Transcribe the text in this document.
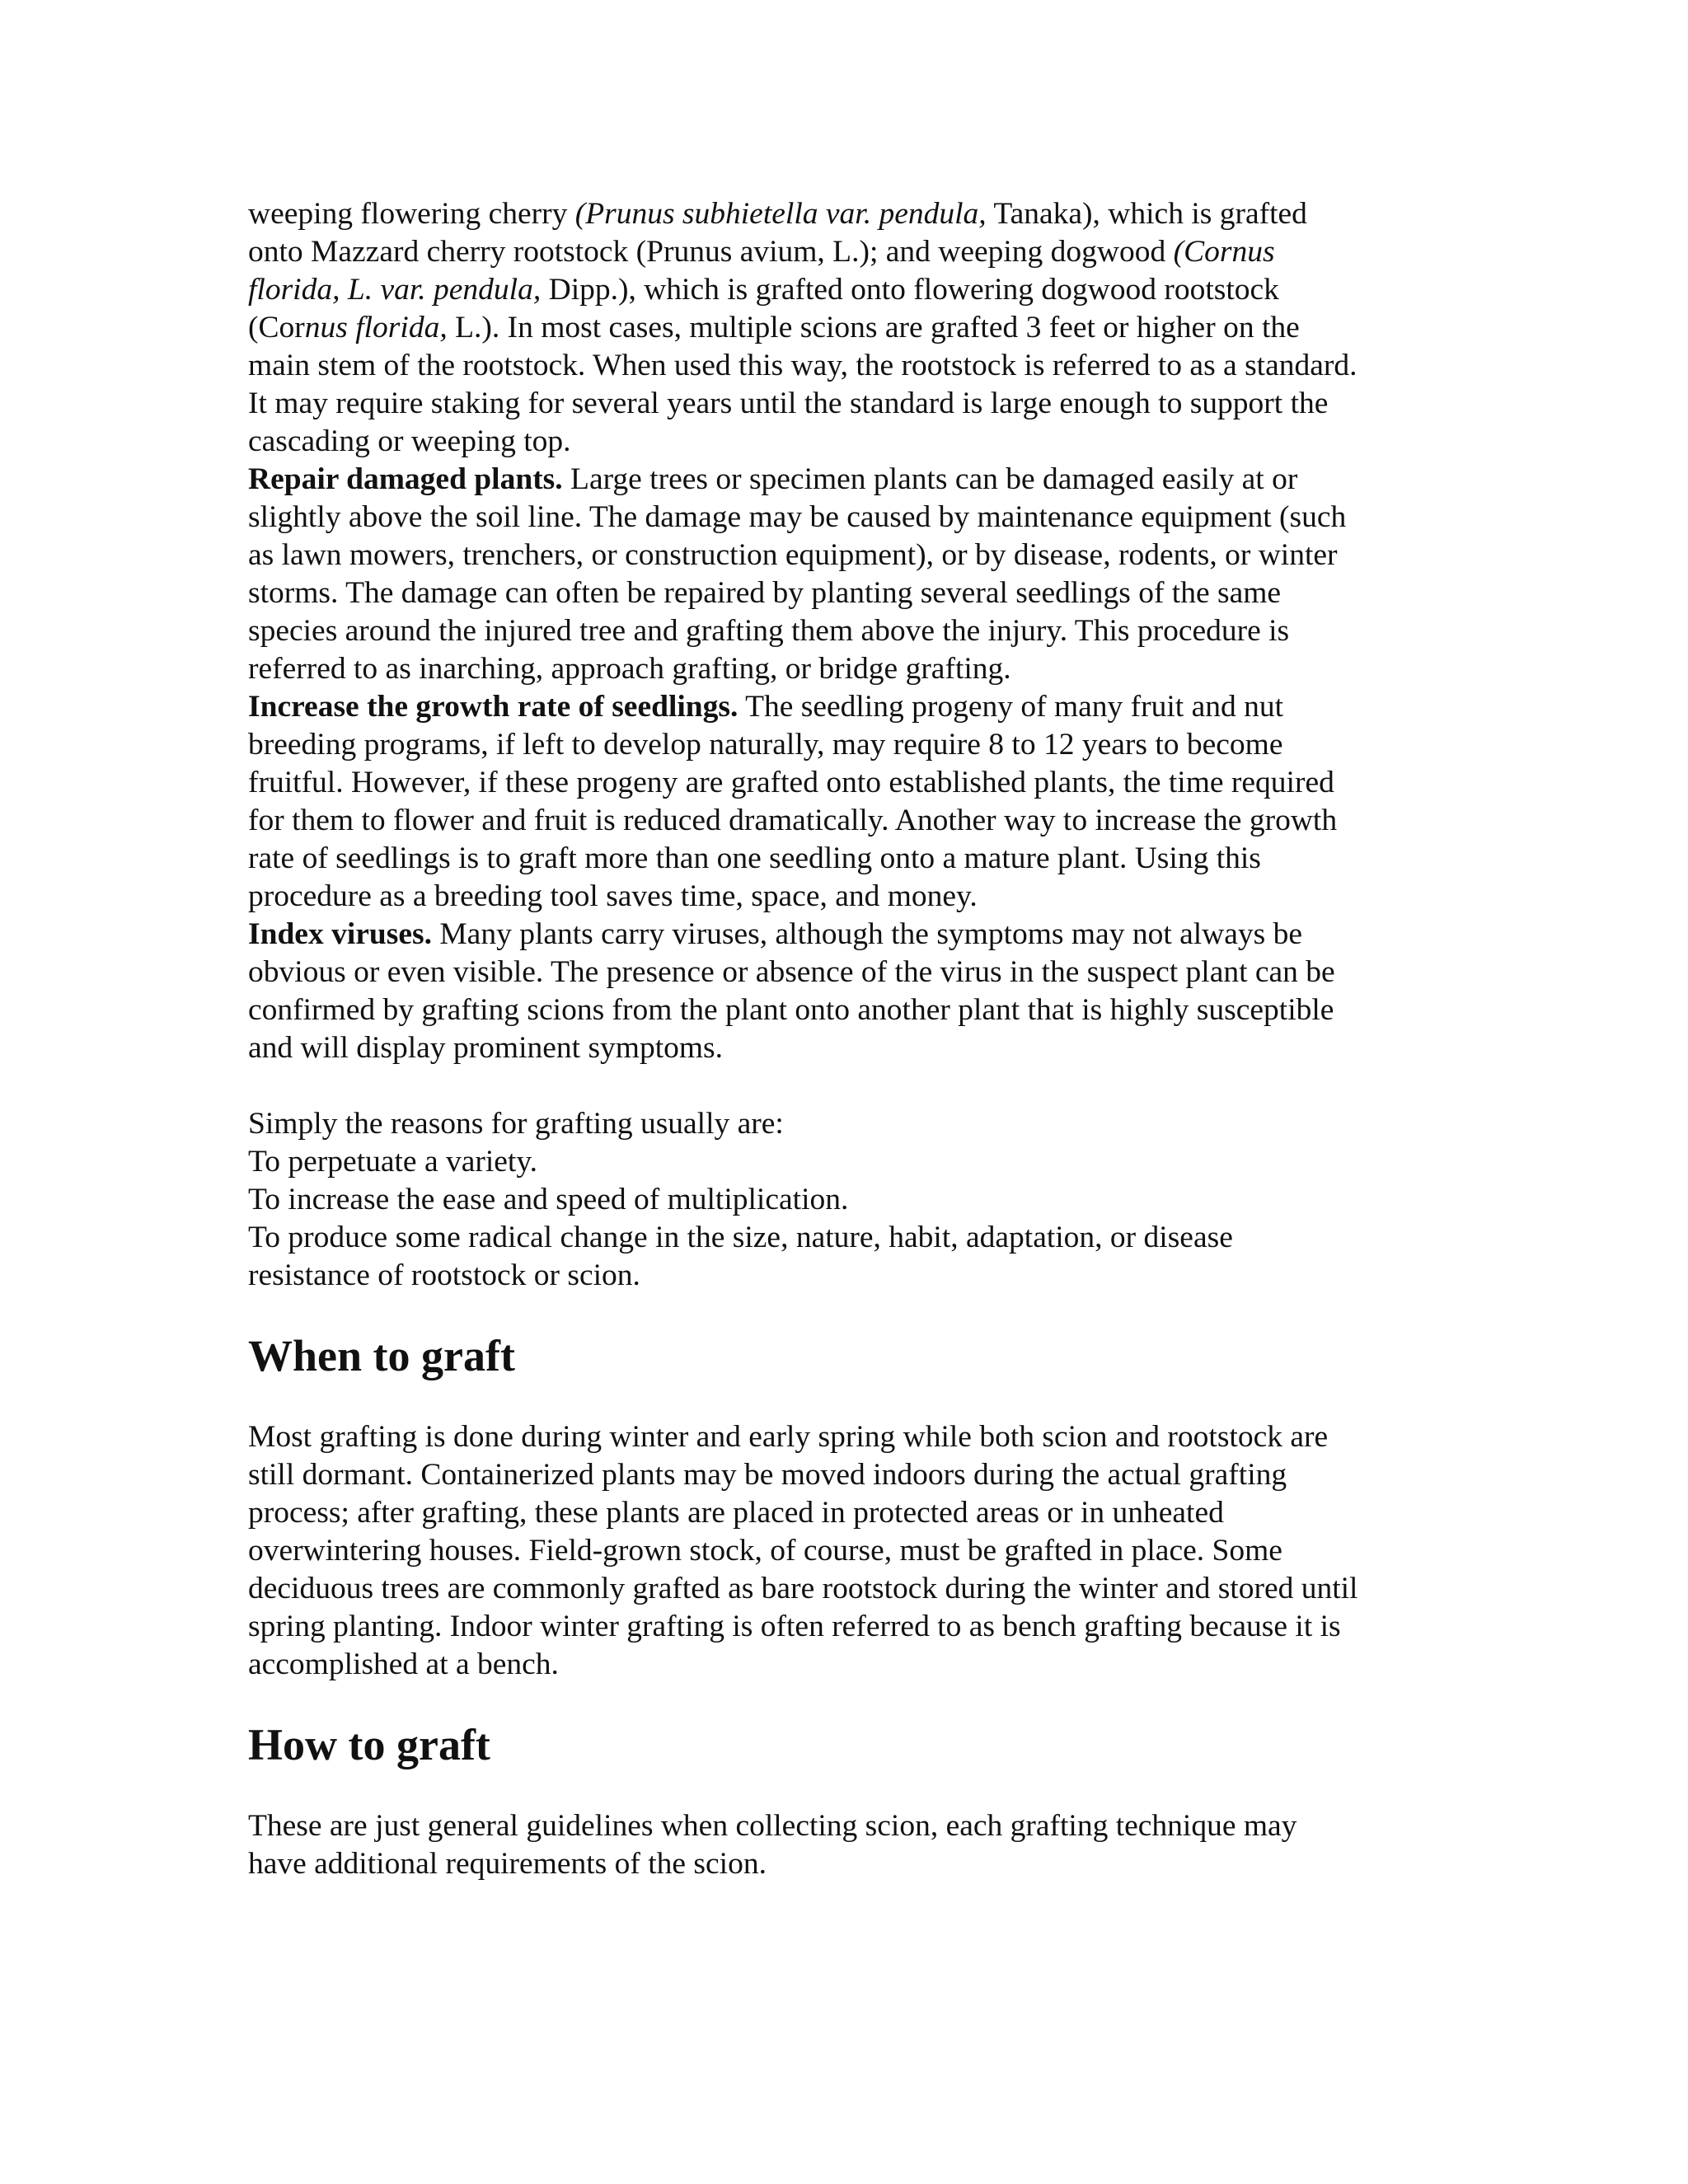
weeping flowering cherry (Prunus subhietella var. pendula, Tanaka), which is grafted
onto Mazzard cherry rootstock (Prunus avium, L.); and weeping dogwood (Cornus
florida, L. var. pendula, Dipp.), which is grafted onto flowering dogwood rootstock
(Cornus florida, L.). In most cases, multiple scions are grafted 3 feet or higher on the
main stem of the rootstock. When used this way, the rootstock is referred to as a standard.
It may require staking for several years until the standard is large enough to support the
cascading or weeping top.
Repair damaged plants. Large trees or specimen plants can be damaged easily at or
slightly above the soil line. The damage may be caused by maintenance equipment (such
as lawn mowers, trenchers, or construction equipment), or by disease, rodents, or winter
storms. The damage can often be repaired by planting several seedlings of the same
species around the injured tree and grafting them above the injury. This procedure is
referred to as inarching, approach grafting, or bridge grafting.
Increase the growth rate of seedlings. The seedling progeny of many fruit and nut
breeding programs, if left to develop naturally, may require 8 to 12 years to become
fruitful. However, if these progeny are grafted onto established plants, the time required
for them to flower and fruit is reduced dramatically. Another way to increase the growth
rate of seedlings is to graft more than one seedling onto a mature plant. Using this
procedure as a breeding tool saves time, space, and money.
Index viruses. Many plants carry viruses, although the symptoms may not always be
obvious or even visible. The presence or absence of the virus in the suspect plant can be
confirmed by grafting scions from the plant onto another plant that is highly susceptible
and will display prominent symptoms.
Simply the reasons for grafting usually are:
To perpetuate a variety.
To increase the ease and speed of multiplication.
To produce some radical change in the size, nature, habit, adaptation, or disease
resistance of rootstock or scion.
When to graft
Most grafting is done during winter and early spring while both scion and rootstock are
still dormant. Containerized plants may be moved indoors during the actual grafting
process; after grafting, these plants are placed in protected areas or in unheated
overwintering houses. Field-grown stock, of course, must be grafted in place. Some
deciduous trees are commonly grafted as bare rootstock during the winter and stored until
spring planting. Indoor winter grafting is often referred to as bench grafting because it is
accomplished at a bench.
How to graft
These are just general guidelines when collecting scion, each grafting technique may
have additional requirements of the scion.
